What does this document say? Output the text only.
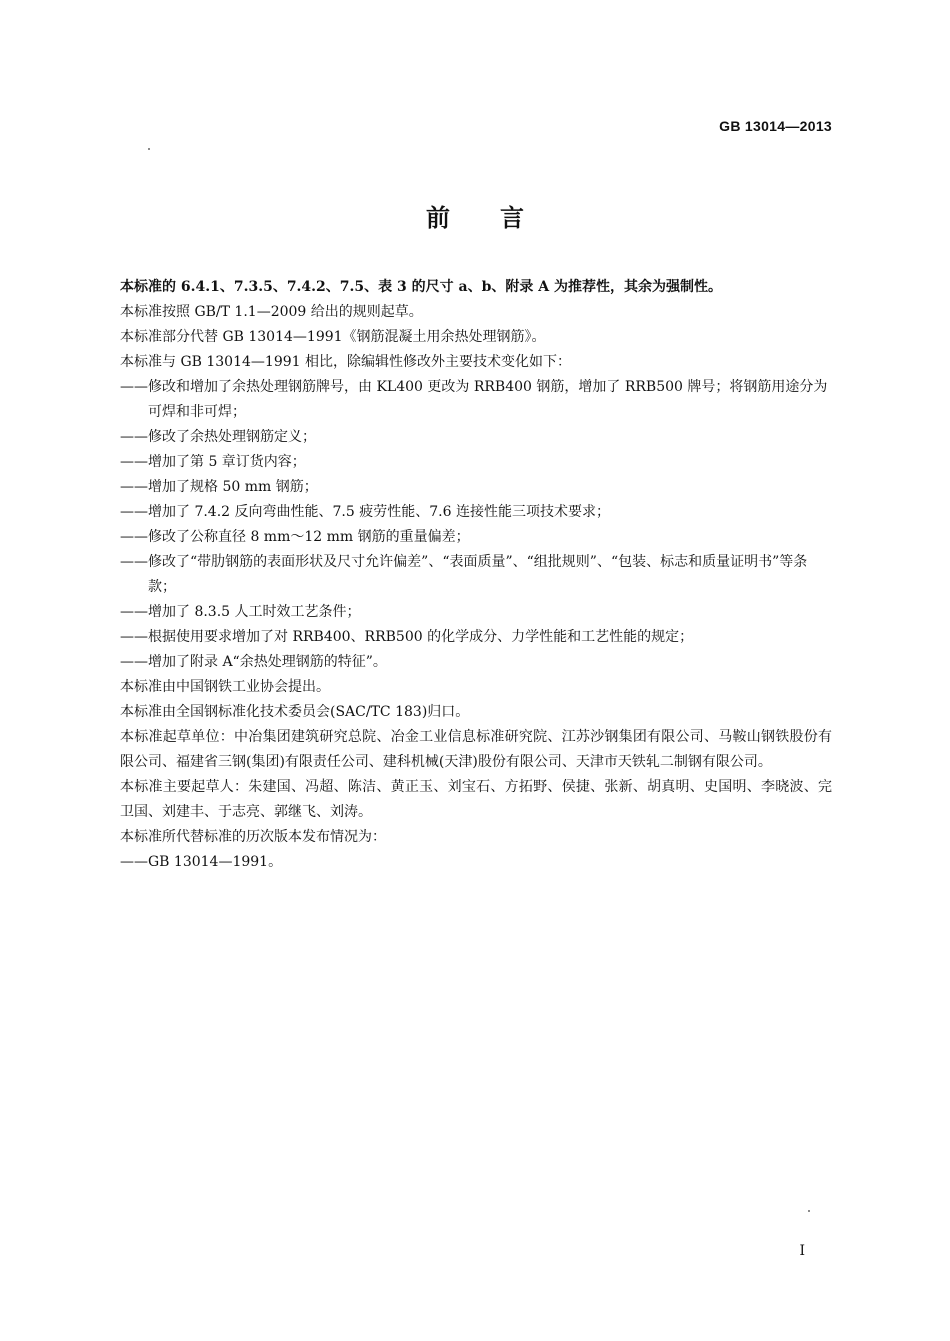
GB 13014—2013
前言

本标准的 6.4.1、7.3.5、7.4.2、7.5、表 3 的尺寸 a、b、附录 A 为推荐性，其余为强制性。

本标准按照 GB/T 1.1—2009 给出的规则起草。

本标准部分代替 GB 13014—1991《钢筋混凝土用余热处理钢筋》。

本标准与 GB 13014—1991 相比，除编辑性修改外主要技术变化如下：

——修改和增加了余热处理钢筋牌号，由 KL400 更改为 RRB400 钢筋，增加了 RRB500 牌号；将钢筋用途分为可焊和非可焊；

——修改了余热处理钢筋定义；

——增加了第 5 章订货内容；

——增加了规格 50 mm 钢筋；

——增加了 7.4.2 反向弯曲性能、7.5 疲劳性能、7.6 连接性能三项技术要求；

——修改了公称直径 8 mm～12 mm 钢筋的重量偏差；

——修改了“带肋钢筋的表面形状及尺寸允许偏差”、“表面质量”、“组批规则”、“包装、标志和质量证明书”等条款；

——增加了 8.3.5 人工时效工艺条件；

——根据使用要求增加了对 RRB400、RRB500 的化学成分、力学性能和工艺性能的规定；

——增加了附录 A“余热处理钢筋的特征”。

本标准由中国钢铁工业协会提出。

本标准由全国钢标准化技术委员会(SAC/TC 183)归口。

本标准起草单位：中冶集团建筑研究总院、冶金工业信息标准研究院、江苏沙钢集团有限公司、马鞍山钢铁股份有限公司、福建省三钢(集团)有限责任公司、建科机械(天津)股份有限公司、天津市天铁轧二制钢有限公司。

本标准主要起草人：朱建国、冯超、陈洁、黄正玉、刘宝石、方拓野、侯捷、张新、胡真明、史国明、李晓波、完卫国、刘建丰、于志亮、郭继飞、刘涛。

本标准所代替标准的历次版本发布情况为：

——GB 13014—1991。

I
